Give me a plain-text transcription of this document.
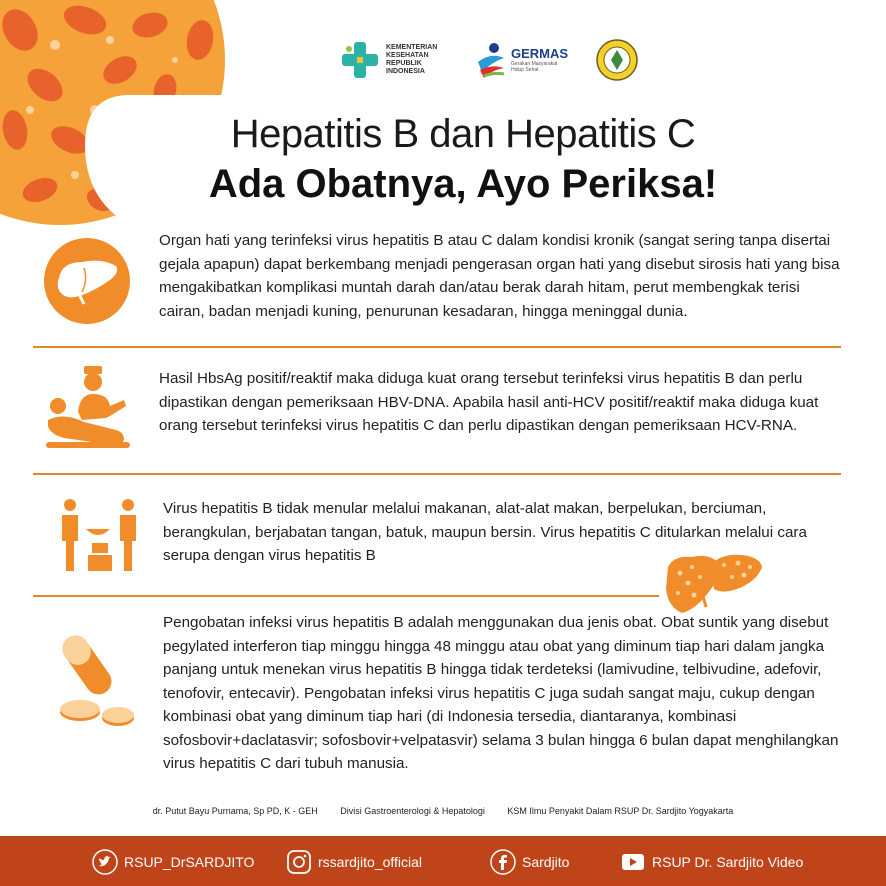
KEMENTERIAN KESEHATAN REPUBLIK INDONESIA
GERMAS
Gerakan Masyarakat Hidup Sehat
Hepatitis B dan Hepatitis C
Ada Obatnya, Ayo Periksa!
Organ hati yang terinfeksi virus hepatitis B atau C dalam kondisi kronik (sangat sering tanpa disertai gejala apapun) dapat berkembang menjadi pengerasan organ hati yang disebut sirosis hati yang bisa mengakibatkan komplikasi muntah darah dan/atau berak darah hitam, perut membengkak terisi cairan, badan menjadi kuning, penurunan kesadaran, hingga meninggal dunia.
Hasil HbsAg positif/reaktif maka diduga kuat orang tersebut terinfeksi virus hepatitis B dan perlu dipastikan dengan pemeriksaan HBV-DNA. Apabila hasil anti-HCV positif/reaktif maka diduga kuat orang tersebut terinfeksi virus hepatitis C dan perlu dipastikan dengan pemeriksaan HCV-RNA.
Virus hepatitis B tidak menular melalui makanan, alat-alat makan, berpelukan, berciuman, berangkulan, berjabatan tangan, batuk, maupun bersin. Virus hepatitis C ditularkan melalui cara serupa dengan virus hepatitis B
Pengobatan infeksi virus hepatitis B adalah menggunakan dua jenis obat. Obat suntik yang disebut pegylated interferon tiap minggu hingga 48 minggu atau obat yang diminum tiap hari dalam jangka panjang untuk menekan virus hepatitis B hingga tidak terdeteksi (lamivudine, telbivudine, adefovir, tenofovir, entecavir). Pengobatan infeksi virus hepatitis C juga sudah sangat maju, cukup dengan kombinasi obat yang diminum tiap hari (di Indonesia tersedia, diantaranya, kombinasi sofosbovir+daclatasvir; sofosbovir+velpatasvir) selama 3 bulan hingga 6 bulan dapat menghilangkan virus hepatitis C dari tubuh manusia.
dr. Putut Bayu Purnama, Sp PD, K - GEH	Divisi Gastroenterologi & Hepatologi	KSM Ilmu Penyakit Dalam RSUP Dr. Sardjito Yogyakarta
RSUP_DrSARDJITO	rssardjito_official	Sardjito	RSUP Dr. Sardjito Video
